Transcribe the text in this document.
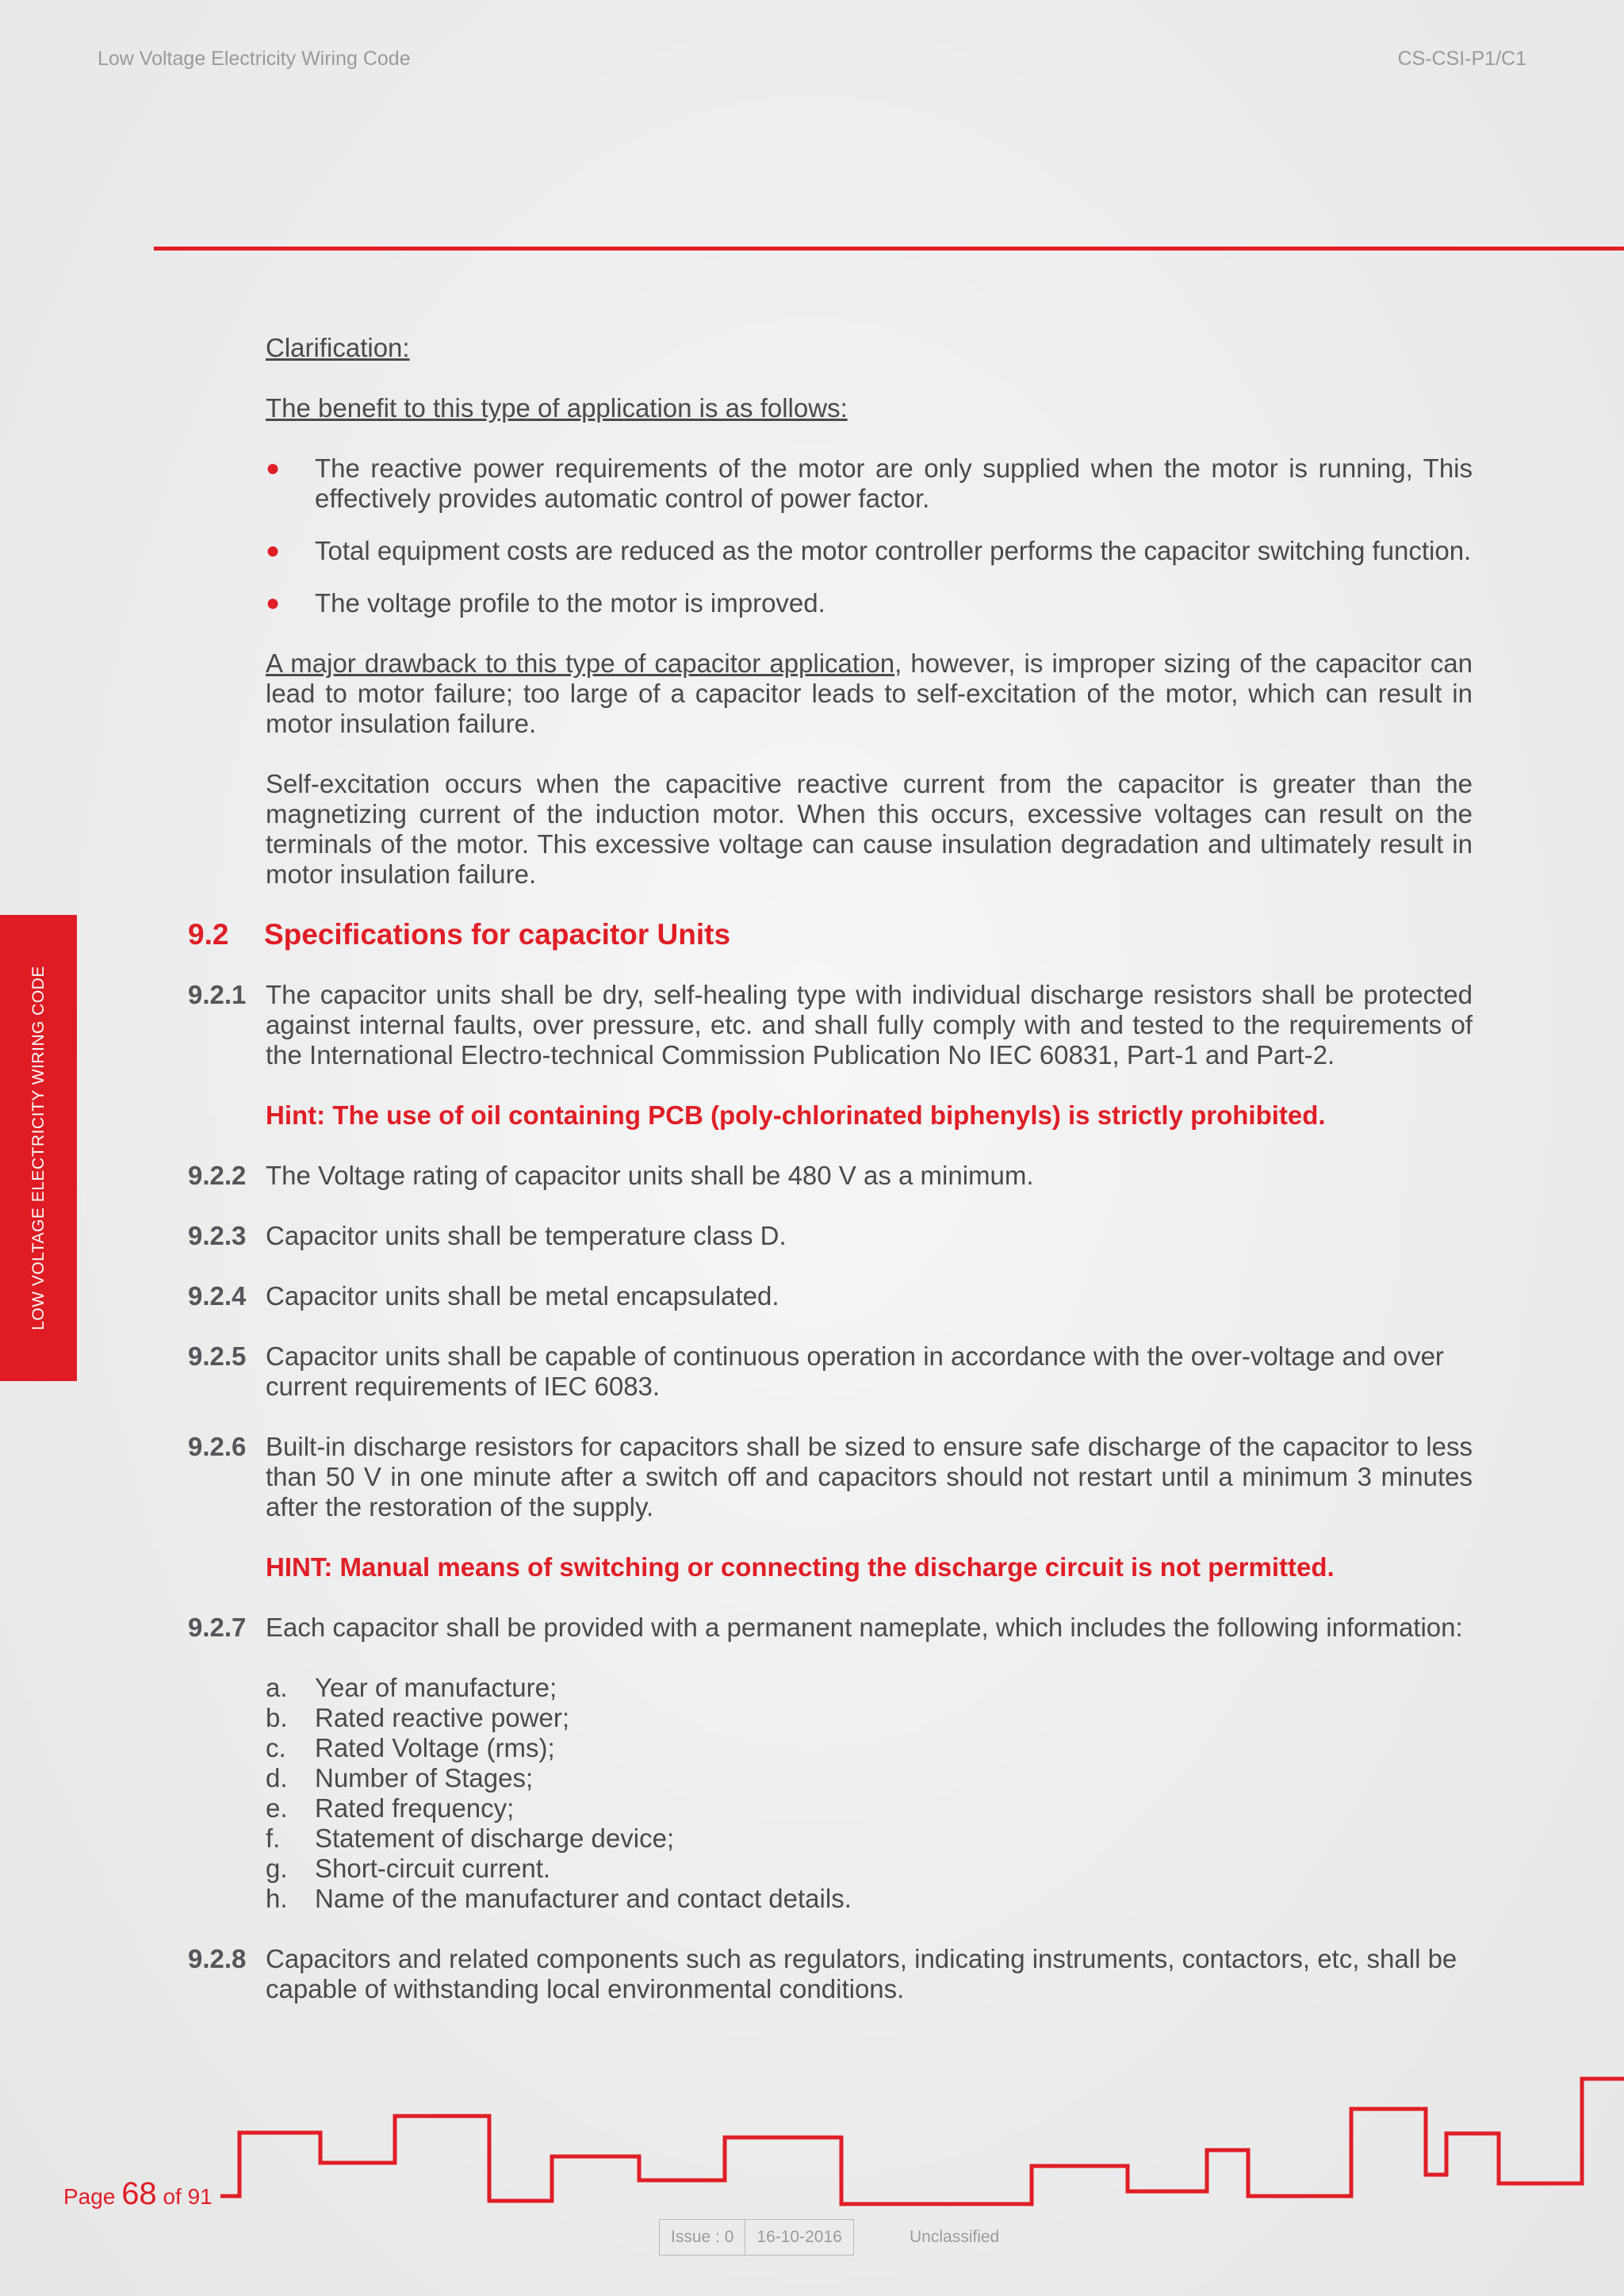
Low Voltage Electricity Wiring Code	CS-CSI-P1/C1
LOW VOLTAGE ELECTRICITY WIRING CODE

Clarification:

The benefit to this type of application is as follows:

● The reactive power requirements of the motor are only supplied when the motor is running, This effectively provides automatic control of power factor.
● Total equipment costs are reduced as the motor controller performs the capacitor switching function.
● The voltage profile to the motor is improved.

A major drawback to this type of capacitor application, however, is improper sizing of the capacitor can lead to motor failure; too large of a capacitor leads to self-excitation of the motor, which can result in motor insulation failure.

Self-excitation occurs when the capacitive reactive current from the capacitor is greater than the magnetizing current of the induction motor. When this occurs, excessive voltages can result on the terminals of the motor. This excessive voltage can cause insulation degradation and ultimately result in motor insulation failure.

9.2	Specifications for capacitor Units
9.2.1 The capacitor units shall be dry, self-healing type with individual discharge resistors shall be protected against internal faults, over pressure, etc. and shall fully comply with and tested to the requirements of the International Electro-technical Commission Publication No IEC 60831, Part-1 and Part-2.

Hint: The use of oil containing PCB (poly-chlorinated biphenyls) is strictly prohibited.

9.2.2 The Voltage rating of capacitor units shall be 480 V as a minimum.
9.2.3 Capacitor units shall be temperature class D.
9.2.4 Capacitor units shall be metal encapsulated.
9.2.5 Capacitor units shall be capable of continuous operation in accordance with the over-voltage and over current requirements of IEC 6083.
9.2.6 Built-in discharge resistors for capacitors shall be sized to ensure safe discharge of the capacitor to less than 50 V in one minute after a switch off and capacitors should not restart until a minimum 3 minutes after the restoration of the supply.

HINT: Manual means of switching or connecting the discharge circuit is not permitted.

9.2.7 Each capacitor shall be provided with a permanent nameplate, which includes the following information:
a.	Year of manufacture;
b.	Rated reactive power;
c.	Rated Voltage (rms);
d.	Number of Stages;
e.	Rated frequency;
f.	Statement of discharge device;
g.	Short-circuit current.
h.	Name of the manufacturer and contact details.
9.2.8 Capacitors and related components such as regulators, indicating instruments, contactors, etc, shall be capable of withstanding local environmental conditions.
Page 68 of 91
Issue : 0	16-10-2016	Unclassified
